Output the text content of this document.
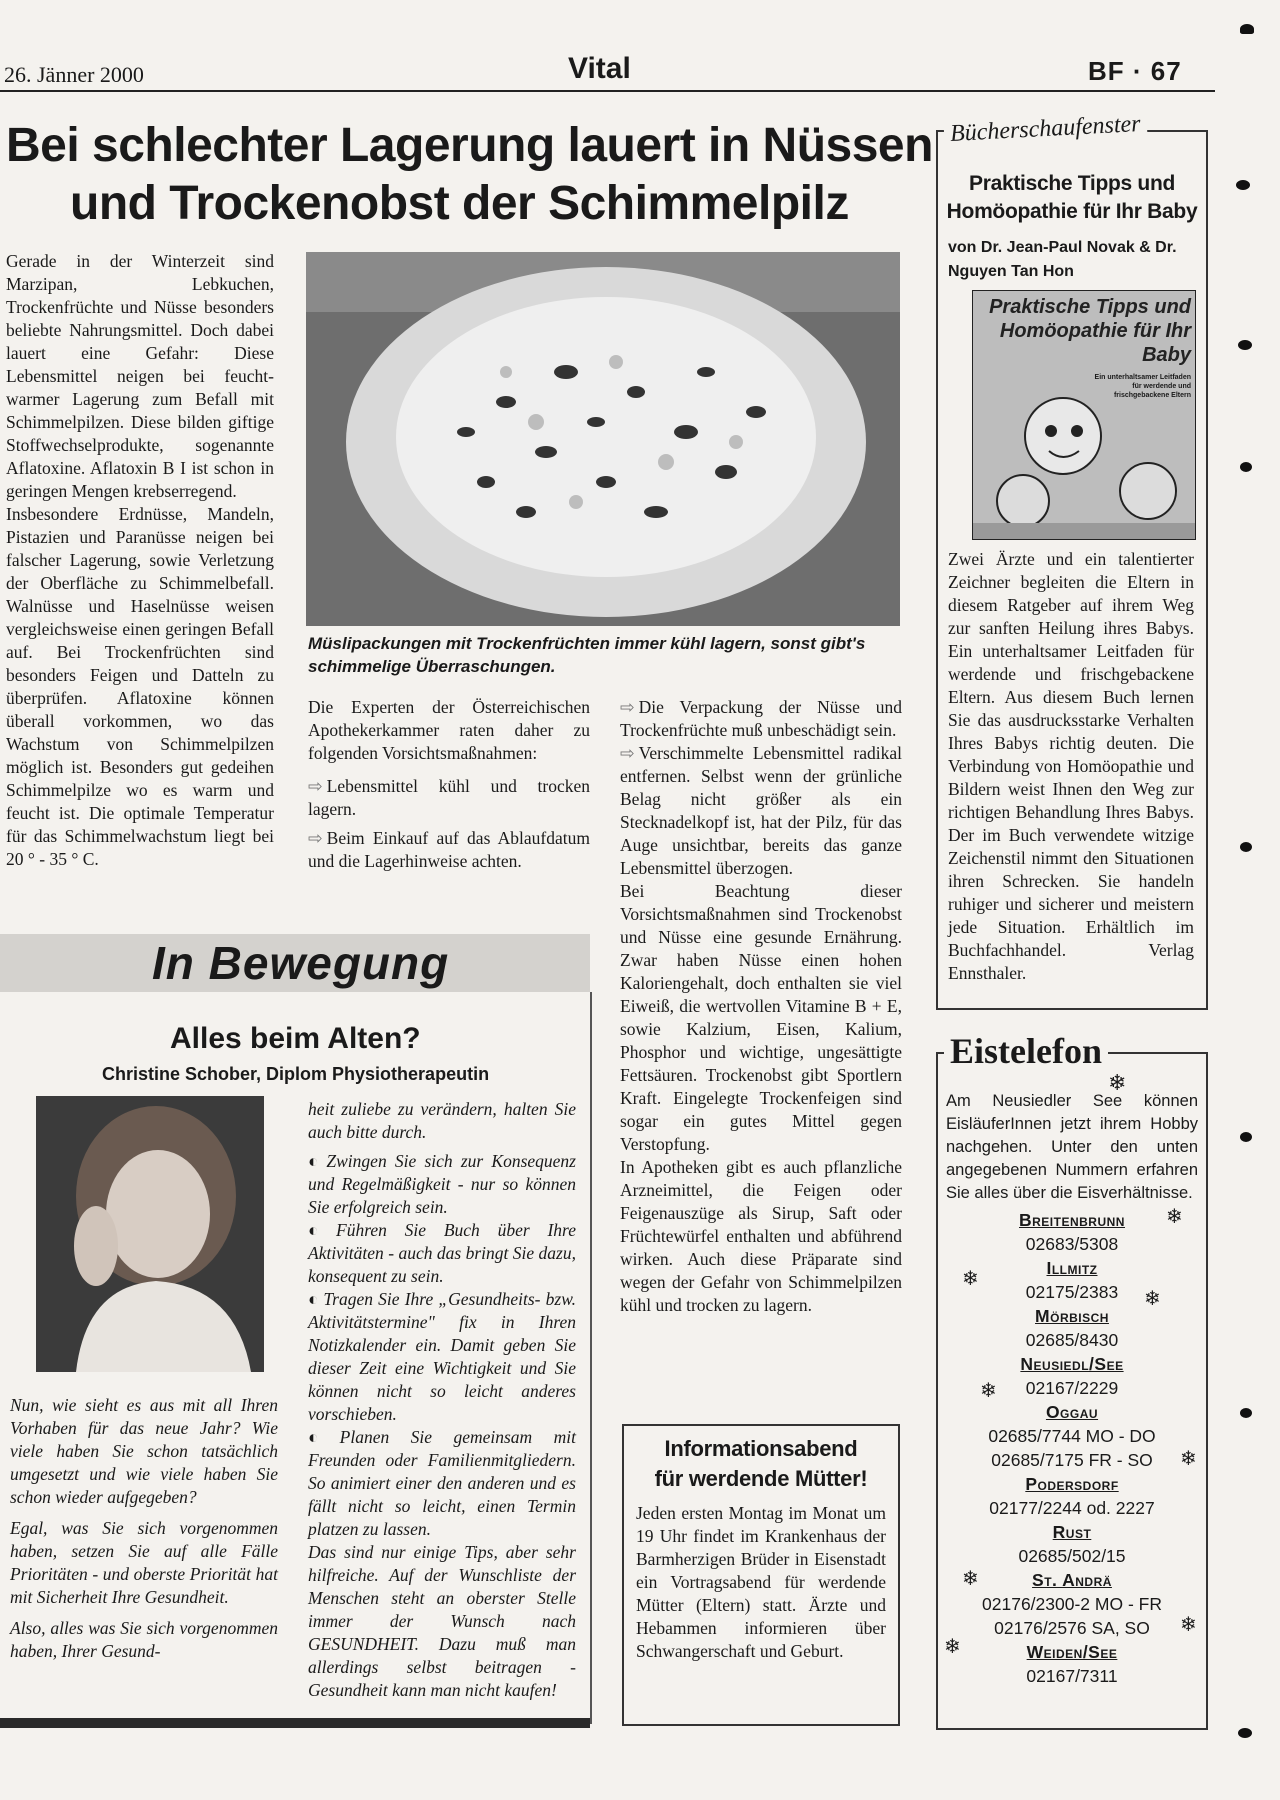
26. Jänner 2000	Vital	BF · 67
Bei schlechter Lagerung lauert in Nüssen
und Trockenobst der Schimmelpilz

Gerade in der Winterzeit sind Marzipan, Lebkuchen, Trockenfrüchte und Nüsse besonders beliebte Nahrungsmittel. Doch dabei lauert eine Gefahr: Diese Lebensmittel neigen bei feucht-warmer Lagerung zum Befall mit Schimmelpilzen. Diese bilden giftige Stoffwechselprodukte, sogenannte Aflatoxine. Aflatoxin B I ist schon in geringen Mengen krebserregend.

Insbesondere Erdnüsse, Mandeln, Pistazien und Paranüsse neigen bei falscher Lagerung, sowie Verletzung der Oberfläche zu Schimmelbefall. Walnüsse und Haselnüsse weisen vergleichsweise einen geringen Befall auf. Bei Trockenfrüchten sind besonders Feigen und Datteln zu überprüfen. Aflatoxine können überall vorkommen, wo das Wachstum von Schimmelpilzen möglich ist. Besonders gut gedeihen Schimmelpilze wo es warm und feucht ist. Die optimale Temperatur für das Schimmelwachstum liegt bei 20 ° - 35 ° C.

Müslipackungen mit Trockenfrüchten immer kühl lagern, sonst gibt's schimmelige Überraschungen.

Die Experten der Österreichischen Apothekerkammer raten daher zu folgenden Vorsichtsmaßnahmen:

⇨ Lebensmittel kühl und trocken lagern.

⇨ Beim Einkauf auf das Ablaufdatum und die Lagerhinweise achten.

⇨ Die Verpackung der Nüsse und Trockenfrüchte muß unbeschädigt sein.

⇨ Verschimmelte Lebensmittel radikal entfernen. Selbst wenn der grünliche Belag nicht größer als ein Stecknadelkopf ist, hat der Pilz, für das Auge unsichtbar, bereits das ganze Lebensmittel überzogen.

Bei Beachtung dieser Vorsichtsmaßnahmen sind Trockenobst und Nüsse eine gesunde Ernährung. Zwar haben Nüsse einen hohen Kaloriengehalt, doch enthalten sie viel Eiweiß, die wertvollen Vitamine B + E, sowie Kalzium, Eisen, Kalium, Phosphor und wichtige, ungesättigte Fettsäuren. Trockenobst gibt Sportlern Kraft. Eingelegte Trockenfeigen sind sogar ein gutes Mittel gegen Verstopfung.

In Apotheken gibt es auch pflanzliche Arzneimittel, die Feigen oder Feigenauszüge als Sirup, Saft oder Früchtewürfel enthalten und abführend wirken. Auch diese Präparate sind wegen der Gefahr von Schimmelpilzen kühl und trocken zu lagern.

In Bewegung
Alles beim Alten?
Christine Schober, Diplom Physiotherapeutin

Nun, wie sieht es aus mit all Ihren Vorhaben für das neue Jahr? Wie viele haben Sie schon tatsächlich umgesetzt und wie viele haben Sie schon wieder aufgegeben?

Egal, was Sie sich vorgenommen haben, setzen Sie auf alle Fälle Prioritäten - und oberste Priorität hat mit Sicherheit Ihre Gesundheit.

Also, alles was Sie sich vorgenommen haben, Ihrer Gesund-

heit zuliebe zu verändern, halten Sie auch bitte durch.

◐ Zwingen Sie sich zur Konsequenz und Regelmäßigkeit - nur so können Sie erfolgreich sein.

◐ Führen Sie Buch über Ihre Aktivitäten - auch das bringt Sie dazu, konsequent zu sein.

◐ Tragen Sie Ihre „Gesundheits- bzw. Aktivitätstermine" fix in Ihren Notizkalender ein. Damit geben Sie dieser Zeit eine Wichtigkeit und Sie können nicht so leicht anderes vorschieben.

◐ Planen Sie gemeinsam mit Freunden oder Familienmitgliedern. So animiert einer den anderen und es fällt nicht so leicht, einen Termin platzen zu lassen.

Das sind nur einige Tips, aber sehr hilfreiche. Auf der Wunschliste der Menschen steht an oberster Stelle immer der Wunsch nach GESUNDHEIT. Dazu muß man allerdings selbst beitragen - Gesundheit kann man nicht kaufen!

Informationsabend
für werdende Mütter!

Jeden ersten Montag im Monat um 19 Uhr findet im Krankenhaus der Barmherzigen Brüder in Eisenstadt ein Vortragsabend für werdende Mütter (Eltern) statt. Ärzte und Hebammen informieren über Schwangerschaft und Geburt.

Bücherschaufenster
Praktische Tipps und Homöopathie für Ihr Baby
von Dr. Jean-Paul Novak & Dr. Nguyen Tan Hon
Praktische Tipps und Homöopathie für Ihr Baby
Ein unterhaltsamer Leitfaden für werdende und frischgebackene Eltern

Zwei Ärzte und ein talentierter Zeichner begleiten die Eltern in diesem Ratgeber auf ihrem Weg zur sanften Heilung ihres Babys. Ein unterhaltsamer Leitfaden für werdende und frischgebackene Eltern. Aus diesem Buch lernen Sie das ausdrucksstarke Verhalten Ihres Babys richtig deuten. Die Verbindung von Homöopathie und Bildern weist Ihnen den Weg zur richtigen Behandlung Ihres Babys. Der im Buch verwendete witzige Zeichenstil nimmt den Situationen ihren Schrecken. Sie handeln ruhiger und sicherer und meistern jede Situation. Erhältlich im Buchfachhandel. Verlag Ennsthaler.

Eistelefon
❄

Am Neusiedler See können EisläuferInnen jetzt ihrem Hobby nachgehen. Unter den unten angegebenen Nummern erfahren Sie alles über die Eisverhältnisse.

Breitenbrunn
02683/5308
Illmitz
02175/2383
Mörbisch
02685/8430
Neusiedl/See
02167/2229
Oggau
02685/7744 MO - DO
02685/7175 FR - SO
Podersdorf
02177/2244 od. 2227
Rust
02685/502/15
St. Andrä
02176/2300-2 MO - FR
02176/2576 SA, SO
Weiden/See
02167/7311
❄
❄
❄
❄
❄
❄
❄
❄
